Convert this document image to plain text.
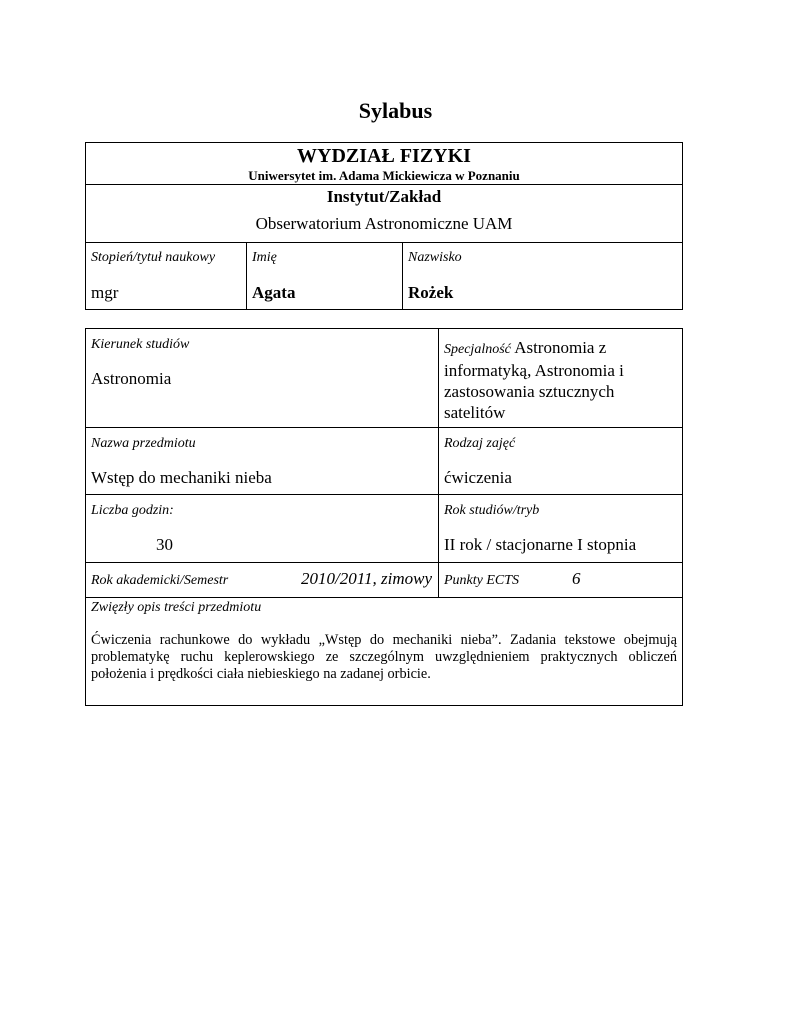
Sylabus
WYDZIAŁ FIZYKI
Uniwersytet im. Adama Mickiewicza w Poznaniu
Instytut/Zakład
Obserwatorium Astronomiczne UAM
Stopień/tytuł naukowy
mgr
Imię
Agata
Nazwisko
Rożek
Kierunek studiów
Astronomia
Specjalność Astronomia z informatyką, Astronomia i zastosowania sztucznych satelitów
Nazwa przedmiotu
Wstęp do mechaniki nieba
Rodzaj zajęć
ćwiczenia
Liczba godzin:
30
Rok studiów/tryb
II rok / stacjonarne I stopnia
Rok akademicki/Semestr	2010/2011, zimowy Punkty ECTS	6
Zwięzły opis treści przedmiotu
Ćwiczenia rachunkowe do wykładu „Wstęp do mechaniki nieba”. Zadania tekstowe obejmują problematykę ruchu keplerowskiego ze szczególnym uwzględnieniem praktycznych obliczeń położenia i prędkości ciała niebieskiego na zadanej orbicie.
